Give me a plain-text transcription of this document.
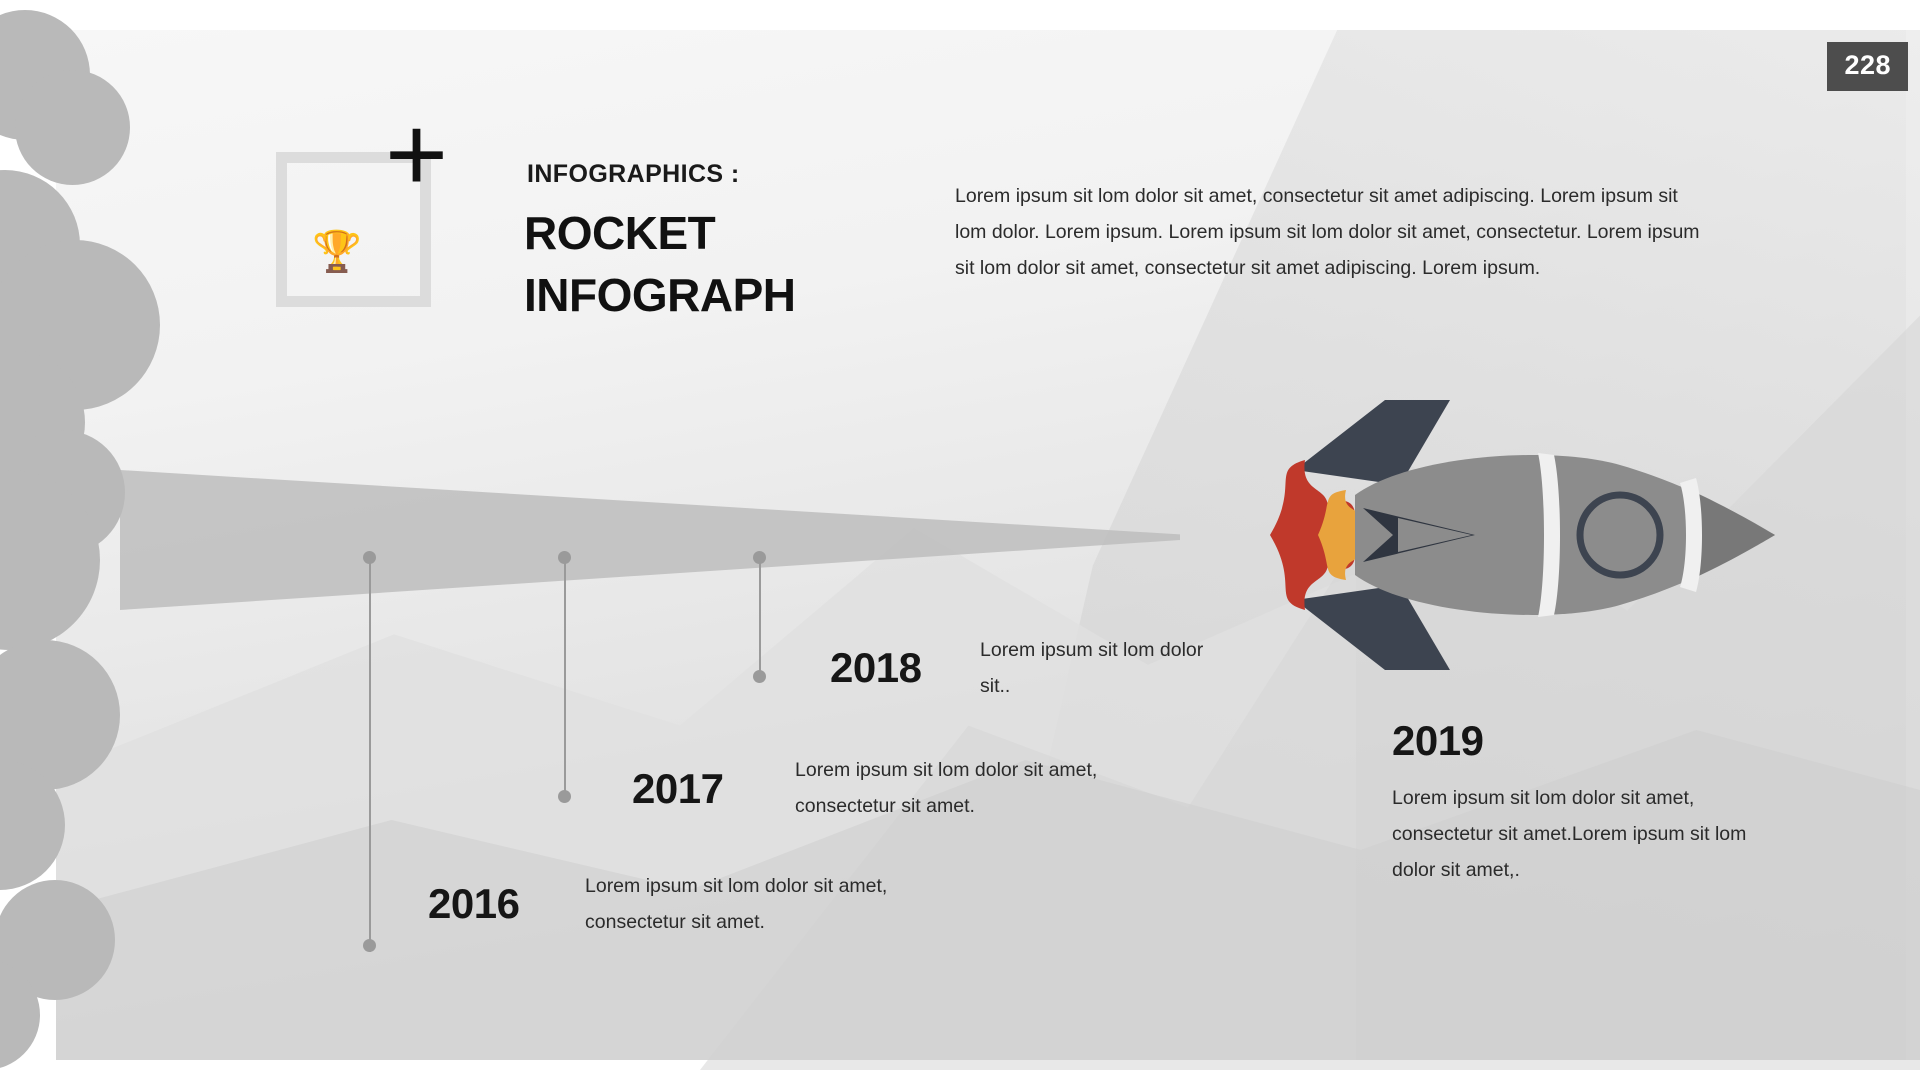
228
+
🏆
INFOGRAPHICS :
ROCKET
INFOGRAPH
Lorem ipsum sit lom dolor sit amet, consectetur sit amet adipiscing. Lorem ipsum sit lom dolor. Lorem ipsum. Lorem ipsum sit lom dolor sit amet, consectetur. Lorem ipsum sit lom dolor sit amet, consectetur sit amet adipiscing. Lorem ipsum.
2016	Lorem ipsum sit lom dolor sit amet, consectetur sit amet.
2017	Lorem ipsum sit lom dolor sit amet, consectetur sit amet.
2018	Lorem ipsum sit lom dolor sit..
2019
Lorem ipsum sit lom dolor sit amet, consectetur sit amet.Lorem ipsum sit lom dolor sit amet,.
